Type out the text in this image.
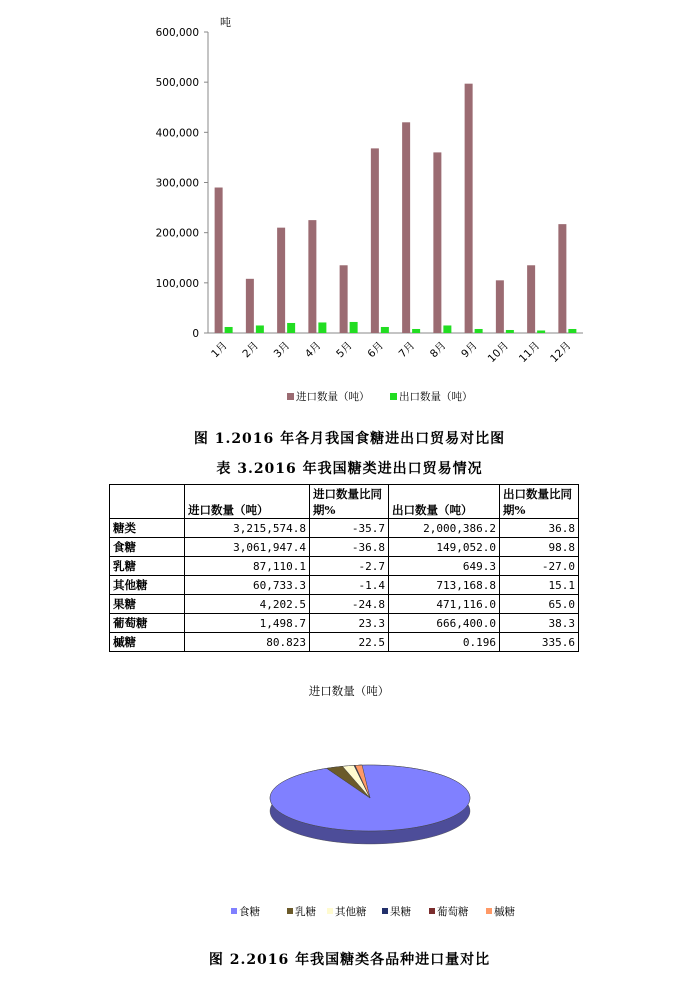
吨
0
100,000
200,000
300,000
400,000
500,000
600,000
1月 2月 3月 4月 5月 6月 7月 8月 9月 10月 11月 12月
进口数量（吨）	出口数量（吨）
图 1.2016 年各月我国食糖进出口贸易对比图
表 3.2016 年我国糖类进出口贸易情况
	进口数量（吨）	进口数量比同期%	出口数量（吨）	出口数量比同期%
糖类	3,215,574.8	-35.7	2,000,386.2	36.8
食糖	3,061,947.4	-36.8	149,052.0	98.8
乳糖	87,110.1	-2.7	649.3	-27.0
其他糖	60,733.3	-1.4	713,168.8	15.1
果糖	4,202.5	-24.8	471,116.0	65.0
葡萄糖	1,498.7	23.3	666,400.0	38.3
槭糖	80.823	22.5	0.196	335.6
进口数量（吨）
食糖	乳糖 其他糖 果糖 葡萄糖 槭糖
图 2.2016 年我国糖类各品种进口量对比
